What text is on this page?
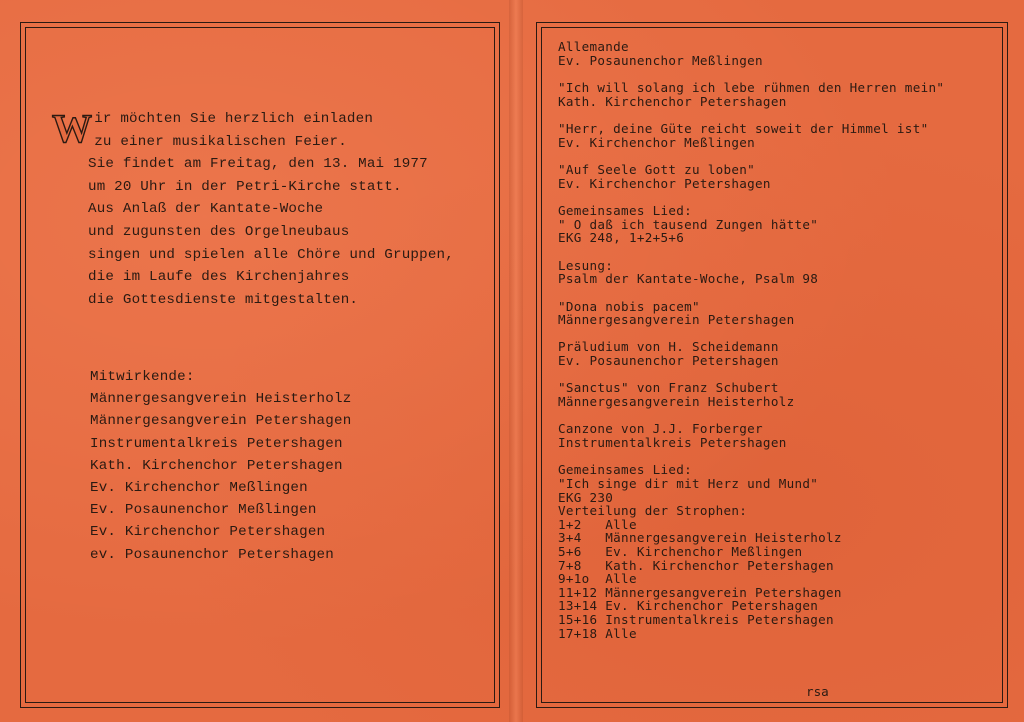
W ir möchten Sie herzlich einladen
zu einer musikalischen Feier.
Sie findet am Freitag, den 13. Mai 1977
um 20 Uhr in der Petri-Kirche statt.
Aus Anlaß der Kantate-Woche
und zugunsten des Orgelneubaus
singen und spielen alle Chöre und Gruppen,
die im Laufe des Kirchenjahres
die Gottesdienste mitgestalten.
Mitwirkende:
Männergesangverein Heisterholz
Männergesangverein Petershagen
Instrumentalkreis Petershagen
Kath. Kirchenchor Petershagen
Ev. Kirchenchor Meßlingen
Ev. Posaunenchor Meßlingen
Ev. Kirchenchor Petershagen
ev. Posaunenchor Petershagen
Allemande
Ev. Posaunenchor Meßlingen
"Ich will solang ich lebe rühmen den Herren mein"
Kath. Kirchenchor Petershagen
"Herr, deine Güte reicht soweit der Himmel ist"
Ev. Kirchenchor Meßlingen
"Auf Seele Gott zu loben"
Ev. Kirchenchor Petershagen
Gemeinsames Lied:
" O daß ich tausend Zungen hätte"
EKG 248, 1+2+5+6
Lesung:
Psalm der Kantate-Woche, Psalm 98
"Dona nobis pacem"
Männergesangverein Petershagen
Präludium von H. Scheidemann
Ev. Posaunenchor Petershagen
"Sanctus" von Franz Schubert
Männergesangverein Heisterholz
Canzone von J.J. Forberger
Instrumentalkreis Petershagen
Gemeinsames Lied:
"Ich singe dir mit Herz und Mund"
EKG 230
Verteilung der Strophen:
1+2   Alle
3+4   Männergesangverein Heisterholz
5+6   Ev. Kirchenchor Meßlingen
7+8   Kath. Kirchenchor Petershagen
9+1o  Alle
11+12 Männergesangverein Petershagen
13+14 Ev. Kirchenchor Petershagen
15+16 Instrumentalkreis Petershagen
17+18 Alle
rsa
